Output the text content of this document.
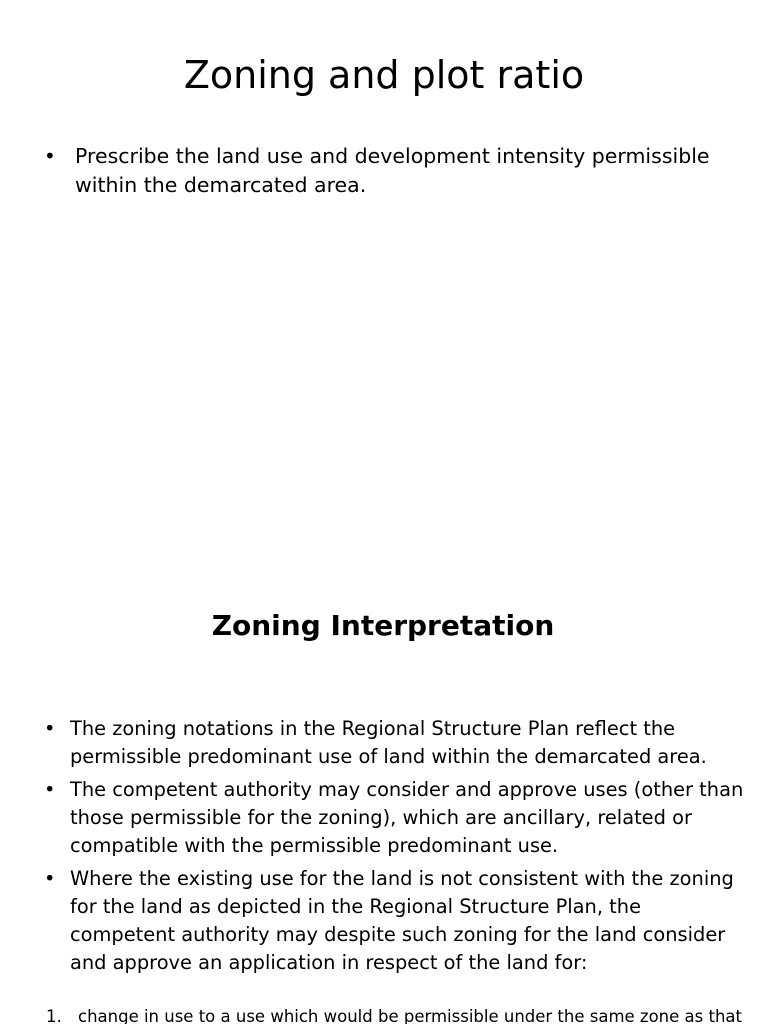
Zoning and plot ratio
• Prescribe the land use and development intensity permissible within the demarcated area.
Zoning Interpretation
• The zoning notations in the Regional Structure Plan reflect the permissible predominant use of land within the demarcated area.
• The competent authority may consider and approve uses (other than those permissible for the zoning), which are ancillary, related or compatible with the permissible predominant use.
• Where the existing use for the land is not consistent with the zoning for the land as depicted in the Regional Structure Plan, the competent authority may despite such zoning for the land consider and approve an application in respect of the land for:
1. change in use to a use which would be permissible under the same zone as that
